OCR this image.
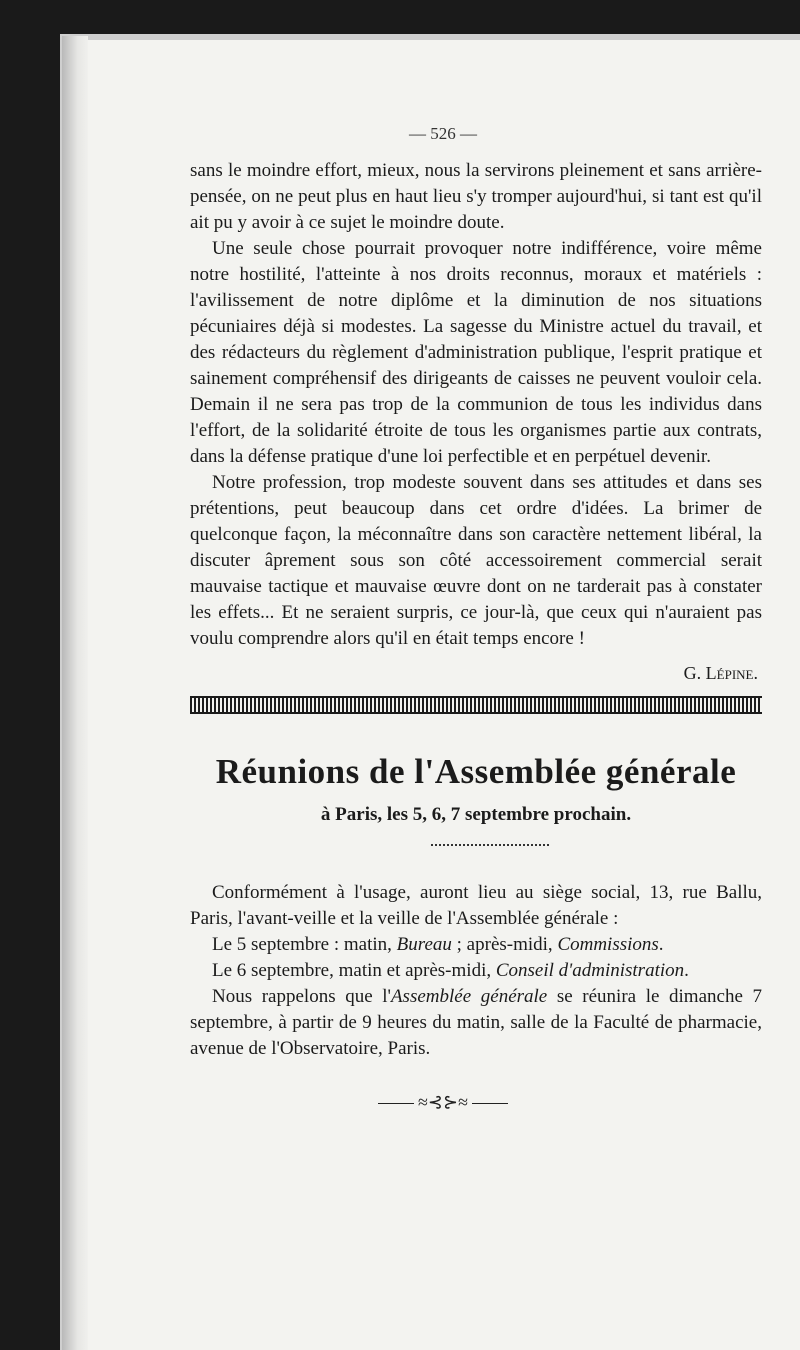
— 526 —

sans le moindre effort, mieux, nous la servirons pleinement et sans arrière-pensée, on ne peut plus en haut lieu s'y tromper aujourd'hui, si tant est qu'il ait pu y avoir à ce sujet le moindre doute.

Une seule chose pourrait provoquer notre indifférence, voire même notre hostilité, l'atteinte à nos droits reconnus, moraux et matériels : l'avilissement de notre diplôme et la diminution de nos situations pécuniaires déjà si modestes. La sagesse du Ministre actuel du travail, et des rédacteurs du règlement d'administration publique, l'esprit pratique et sainement compréhensif des dirigeants de caisses ne peuvent vouloir cela. Demain il ne sera pas trop de la communion de tous les individus dans l'effort, de la solidarité étroite de tous les organismes partie aux contrats, dans la défense pratique d'une loi perfectible et en perpétuel devenir.

Notre profession, trop modeste souvent dans ses attitudes et dans ses prétentions, peut beaucoup dans cet ordre d'idées. La brimer de quelconque façon, la méconnaître dans son caractère nettement libéral, la discuter âprement sous son côté accessoirement commercial serait mauvaise tactique et mauvaise œuvre dont on ne tarderait pas à constater les effets... Et ne seraient surpris, ce jour-là, que ceux qui n'auraient pas voulu comprendre alors qu'il en était temps encore !

G. Lépine.
Réunions de l'Assemblée générale
à Paris, les 5, 6, 7 septembre prochain.

Conformément à l'usage, auront lieu au siège social, 13, rue Ballu, Paris, l'avant-veille et la veille de l'Assemblée générale :

Le 5 septembre : matin, Bureau ; après-midi, Commissions.

Le 6 septembre, matin et après-midi, Conseil d'administration.

Nous rappelons que l'Assemblée générale se réunira le dimanche 7 septembre, à partir de 9 heures du matin, salle de la Faculté de pharmacie, avenue de l'Observatoire, Paris.

≈⊰⊱≈
